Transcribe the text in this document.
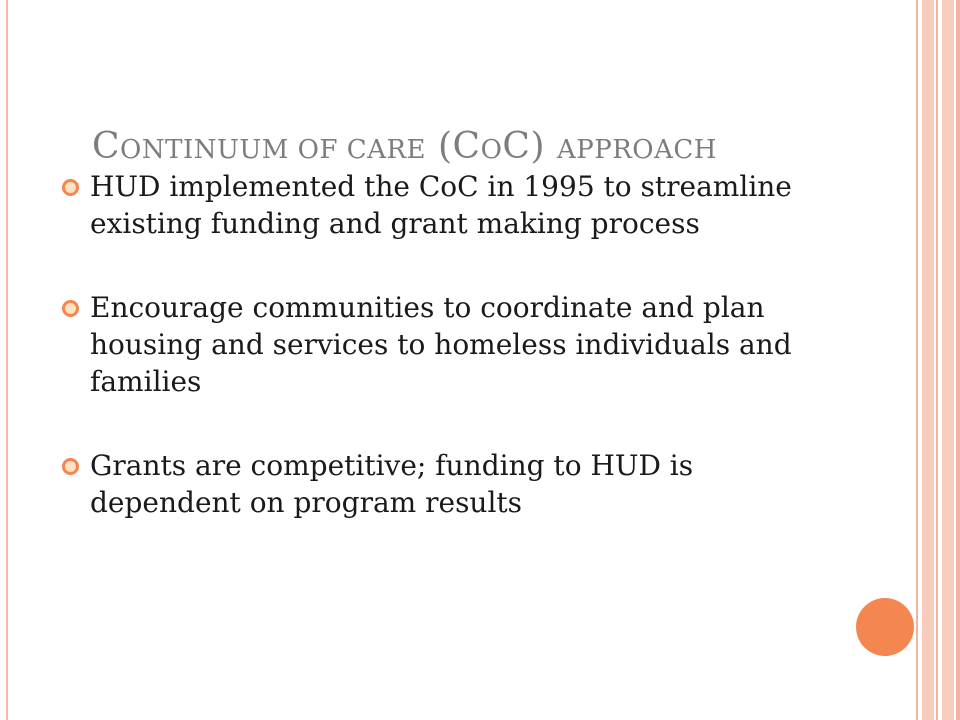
CONTINUUM OF CARE (COC) APPROACH
HUD implemented the CoC in 1995 to streamline existing funding and grant making process
Encourage communities to coordinate and plan housing and services to homeless individuals and families
Grants are competitive; funding to HUD is dependent on program results
